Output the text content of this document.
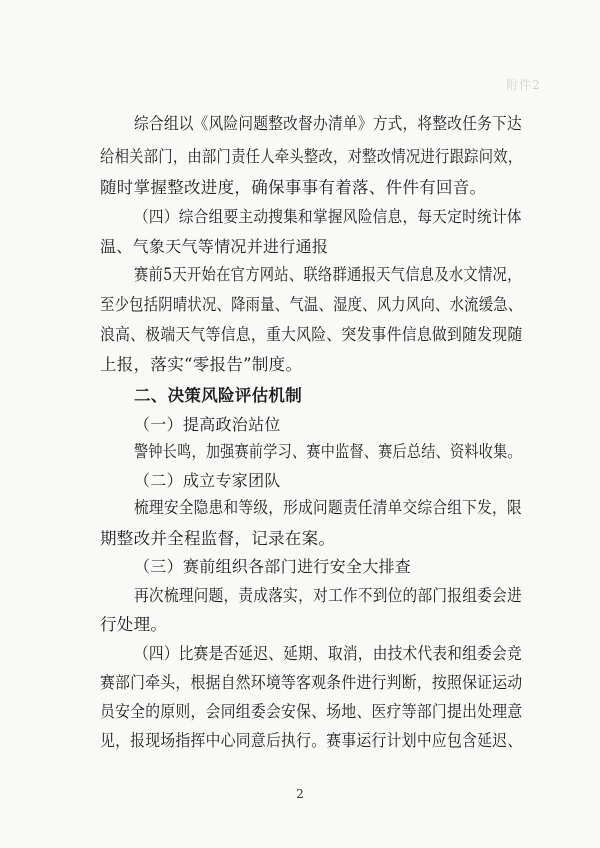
附件2
综合组以《风险问题整改督办清单》方式，将整改任务下达
给相关部门，由部门责任人牵头整改，对整改情况进行跟踪问效，
随时掌握整改进度，确保事事有着落、件件有回音。
（四）综合组要主动搜集和掌握风险信息，每天定时统计体
温、气象天气等情况并进行通报
赛前5天开始在官方网站、联络群通报天气信息及水文情况，
至少包括阴晴状况、降雨量、气温、湿度、风力风向、水流缓急、
浪高、极端天气等信息，重大风险、突发事件信息做到随发现随
上报，落实“零报告”制度。
二、决策风险评估机制
（一）提高政治站位
警钟长鸣，加强赛前学习、赛中监督、赛后总结、资料收集。
（二）成立专家团队
梳理安全隐患和等级，形成问题责任清单交综合组下发，限
期整改并全程监督，记录在案。
（三）赛前组织各部门进行安全大排查
再次梳理问题，责成落实，对工作不到位的部门报组委会进
行处理。
（四）比赛是否延迟、延期、取消，由技术代表和组委会竞
赛部门牵头，根据自然环境等客观条件进行判断，按照保证运动
员安全的原则，会同组委会安保、场地、医疗等部门提出处理意
见，报现场指挥中心同意后执行。赛事运行计划中应包含延迟、
2
